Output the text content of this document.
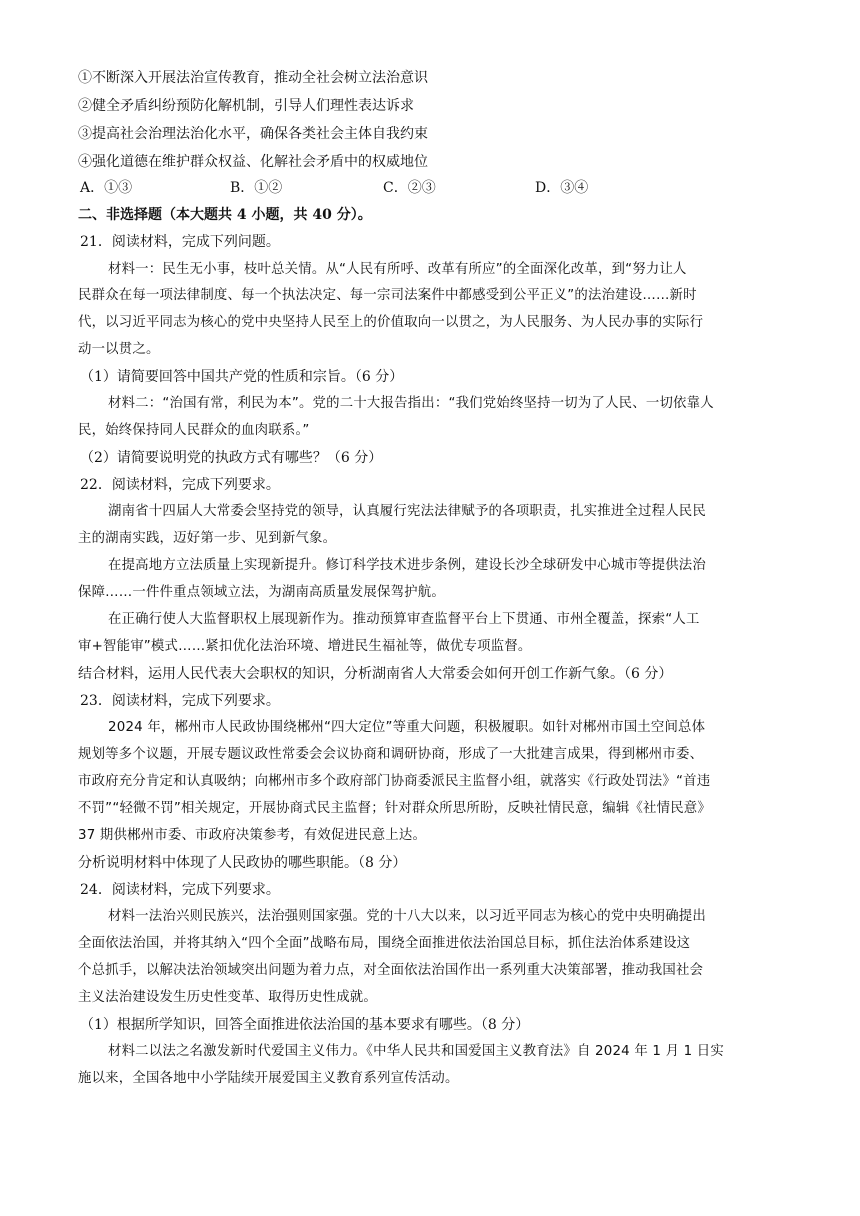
①不断深入开展法治宣传教育，推动全社会树立法治意识
②健全矛盾纠纷预防化解机制，引导人们理性表达诉求
③提高社会治理法治化水平，确保各类社会主体自我约束
④强化道德在维护群众权益、化解社会矛盾中的权威地位
A．①③	B．①②	C．②③	D．③④
二、非选择题（本大题共 4 小题，共 40 分）。
21．阅读材料，完成下列问题。
材料一：民生无小事，枝叶总关情。从“人民有所呼、改革有所应”的全面深化改革，到“努力让人
民群众在每一项法律制度、每一个执法决定、每一宗司法案件中都感受到公平正义”的法治建设……新时
代，以习近平同志为核心的党中央坚持人民至上的价值取向一以贯之，为人民服务、为人民办事的实际行
动一以贯之。
（1）请简要回答中国共产党的性质和宗旨。（6 分）
材料二：“治国有常，利民为本”。党的二十大报告指出：“我们党始终坚持一切为了人民、一切依靠人
民，始终保持同人民群众的血肉联系。”
（2）请简要说明党的执政方式有哪些？（6 分）
22．阅读材料，完成下列要求。
湖南省十四届人大常委会坚持党的领导，认真履行宪法法律赋予的各项职责，扎实推进全过程人民民
主的湖南实践，迈好第一步、见到新气象。
在提高地方立法质量上实现新提升。修订科学技术进步条例，建设长沙全球研发中心城市等提供法治
保障……一件件重点领域立法，为湖南高质量发展保驾护航。
在正确行使人大监督职权上展现新作为。推动预算审查监督平台上下贯通、市州全覆盖，探索“人工
审+智能审”模式……紧扣优化法治环境、增进民生福祉等，做优专项监督。
结合材料，运用人民代表大会职权的知识，分析湖南省人大常委会如何开创工作新气象。（6 分）
23．阅读材料，完成下列要求。
2024 年，郴州市人民政协围绕郴州“四大定位”等重大问题，积极履职。如针对郴州市国土空间总体
规划等多个议题，开展专题议政性常委会会议协商和调研协商，形成了一大批建言成果，得到郴州市委、
市政府充分肯定和认真吸纳；向郴州市多个政府部门协商委派民主监督小组，就落实《行政处罚法》“首违
不罚”“轻微不罚”相关规定，开展协商式民主监督；针对群众所思所盼，反映社情民意，编辑《社情民意》
37 期供郴州市委、市政府决策参考，有效促进民意上达。
分析说明材料中体现了人民政协的哪些职能。（8 分）
24．阅读材料，完成下列要求。
材料一法治兴则民族兴，法治强则国家强。党的十八大以来，以习近平同志为核心的党中央明确提出
全面依法治国，并将其纳入“四个全面”战略布局，围绕全面推进依法治国总目标，抓住法治体系建设这
个总抓手，以解决法治领域突出问题为着力点，对全面依法治国作出一系列重大决策部署，推动我国社会
主义法治建设发生历史性变革、取得历史性成就。
（1）根据所学知识，回答全面推进依法治国的基本要求有哪些。（8 分）
材料二以法之名激发新时代爱国主义伟力。《中华人民共和国爱国主义教育法》自 2024 年 1 月 1 日实
施以来，全国各地中小学陆续开展爱国主义教育系列宣传活动。
